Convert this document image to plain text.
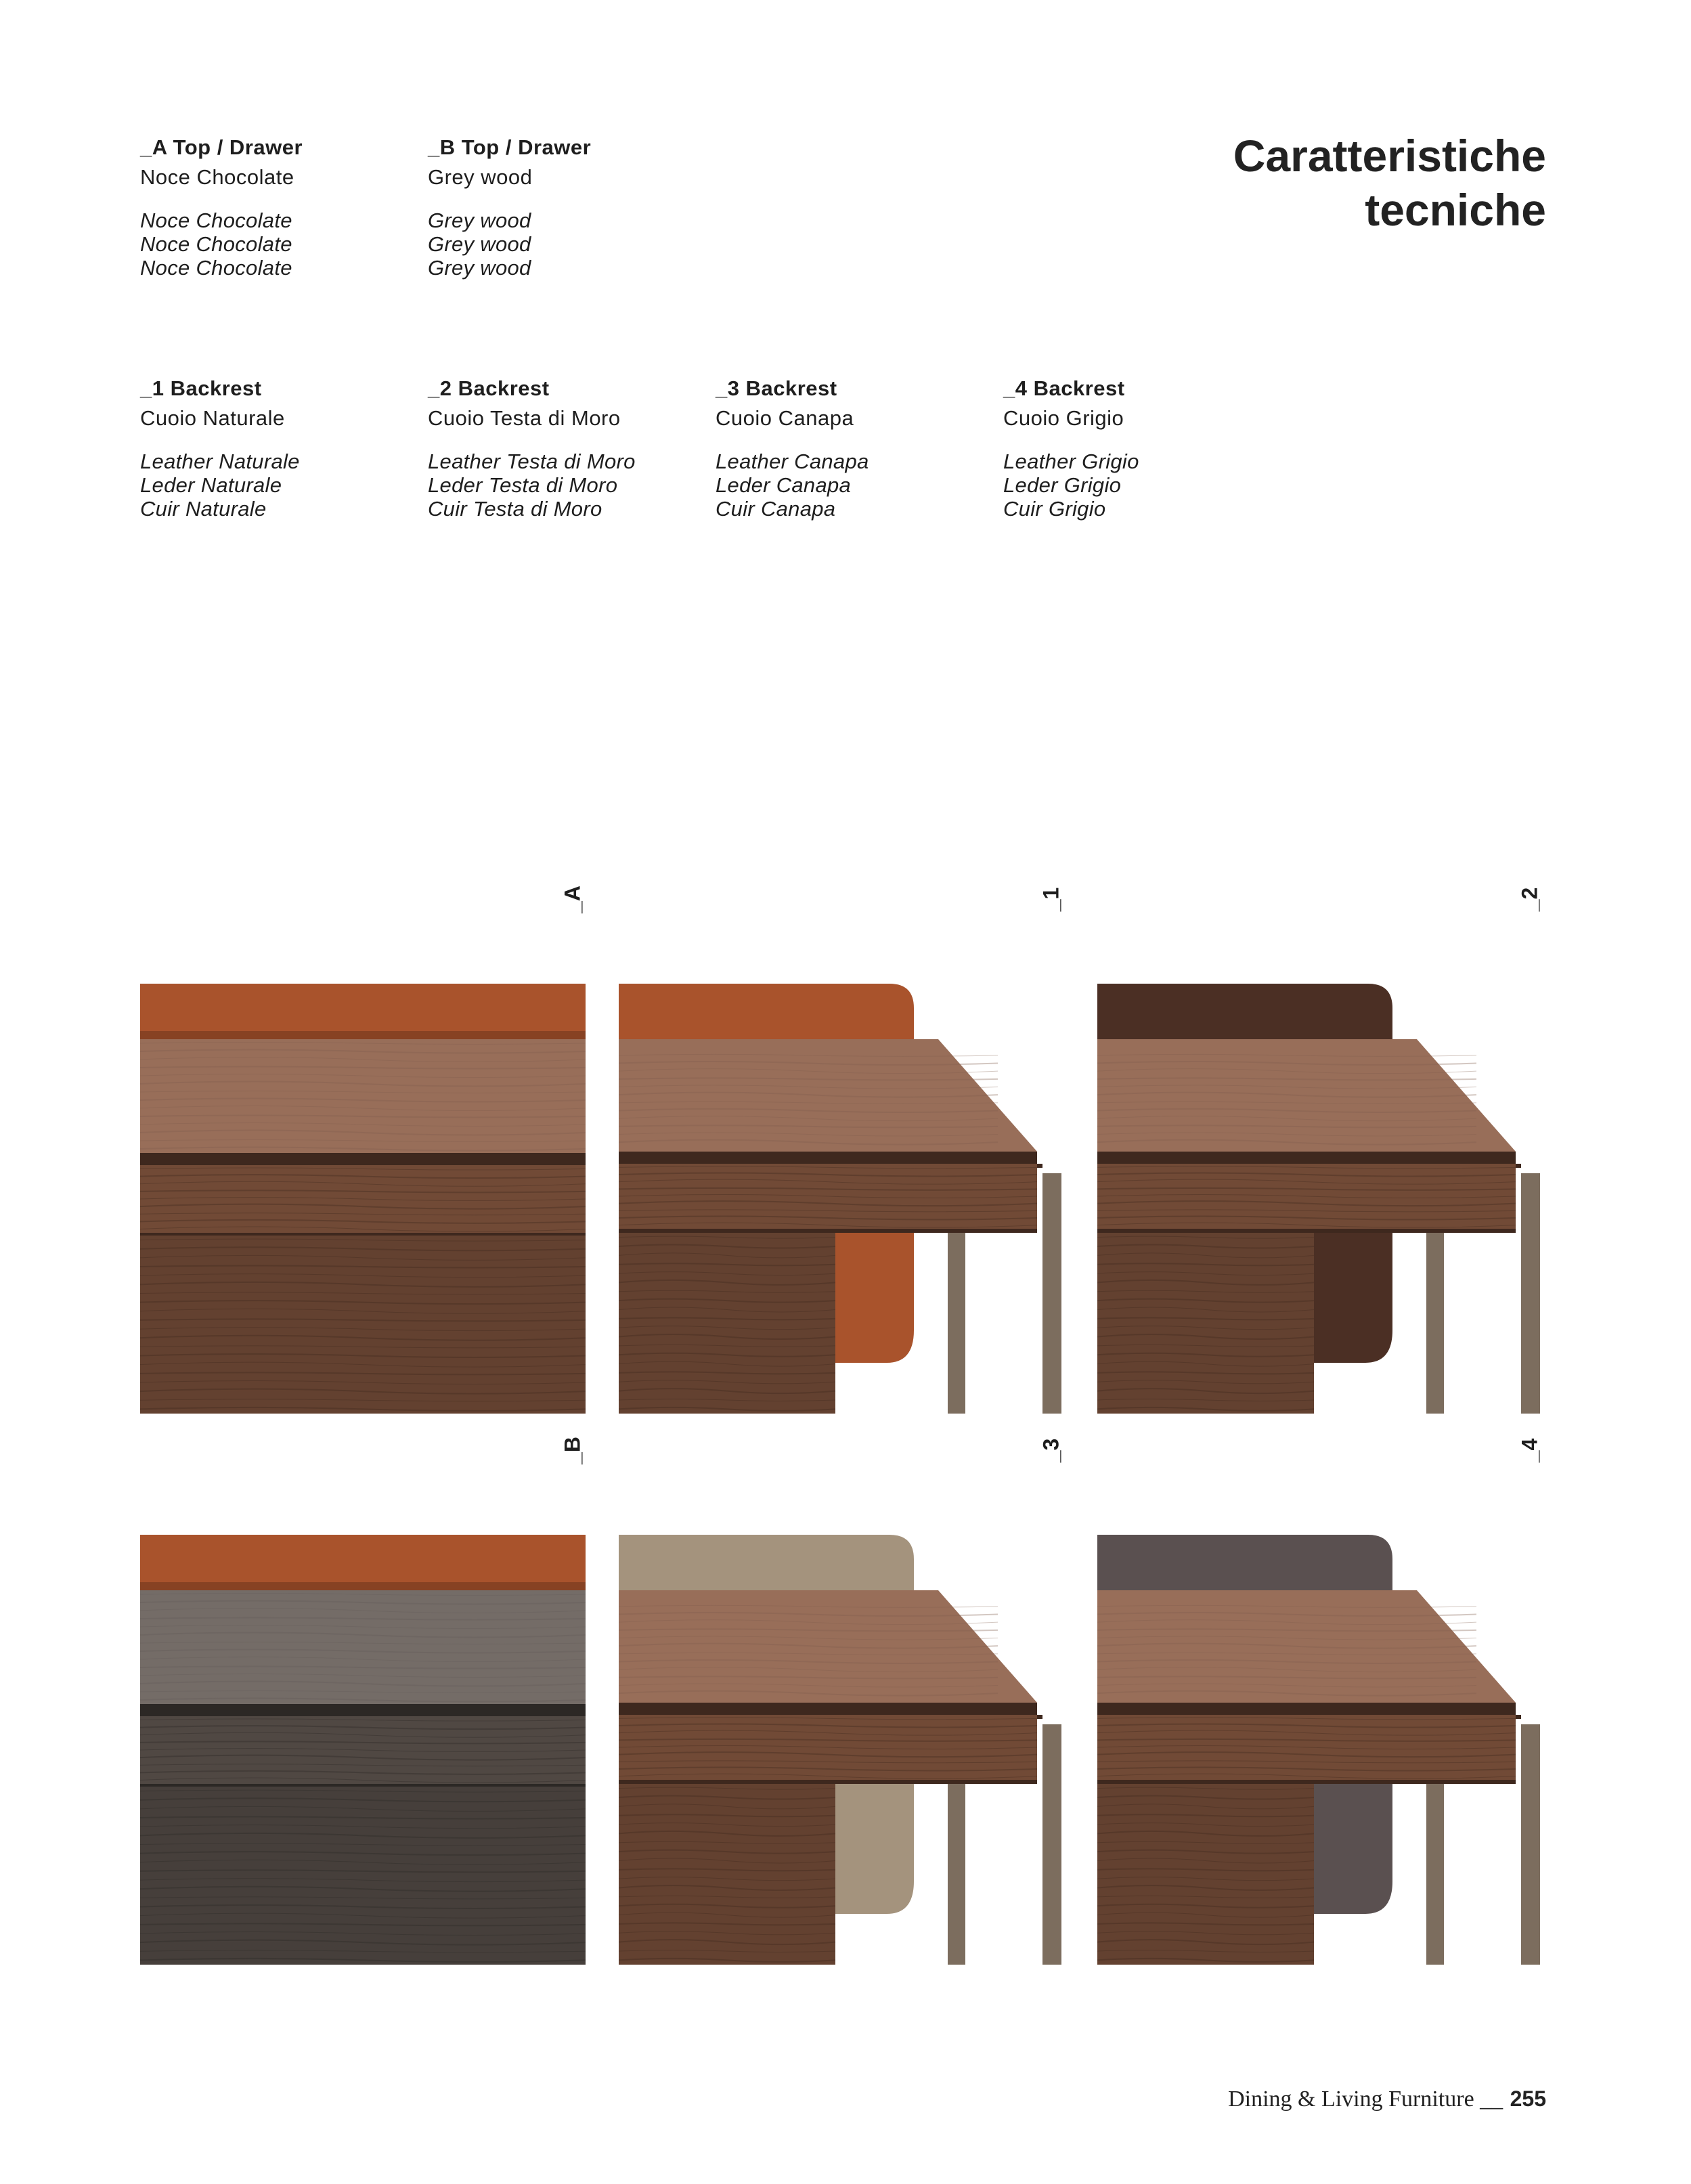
_A Top / Drawer
Noce Chocolate
Noce Chocolate
Noce Chocolate
Noce Chocolate
_B Top / Drawer
Grey wood
Grey wood
Grey wood
Grey wood
Caratteristiche
tecniche
_1 Backrest
Cuoio Naturale
Leather Naturale
Leder Naturale
Cuir Naturale
_2 Backrest
Cuoio Testa di Moro
Leather Testa di Moro
Leder Testa di Moro
Cuir Testa di Moro
_3 Backrest
Cuoio Canapa
Leather Canapa
Leder Canapa
Cuir Canapa
_4 Backrest
Cuoio Grigio
Leather Grigio
Leder Grigio
Cuir Grigio
_A	_1	_2
_B	_3	_4
Dining & Living Furniture __ 255
